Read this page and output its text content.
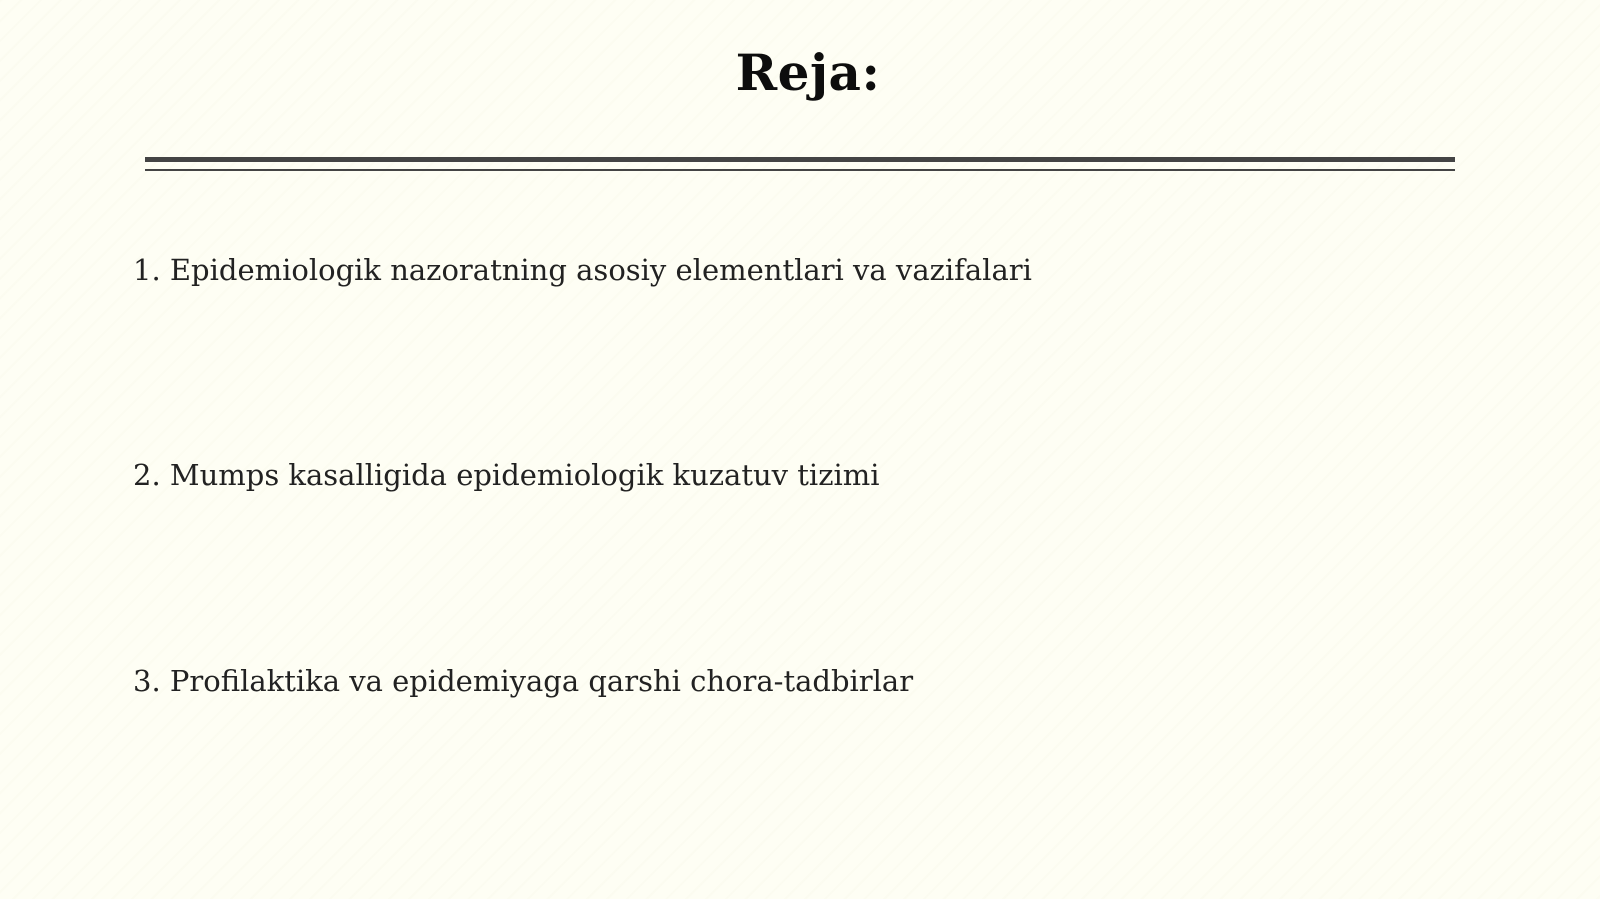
Reja:
1. Epidemiologik nazoratning asosiy elementlari va vazifalari
2. Mumps kasalligida epidemiologik kuzatuv tizimi
3. Profilaktika va epidemiyaga qarshi chora-tadbirlar
